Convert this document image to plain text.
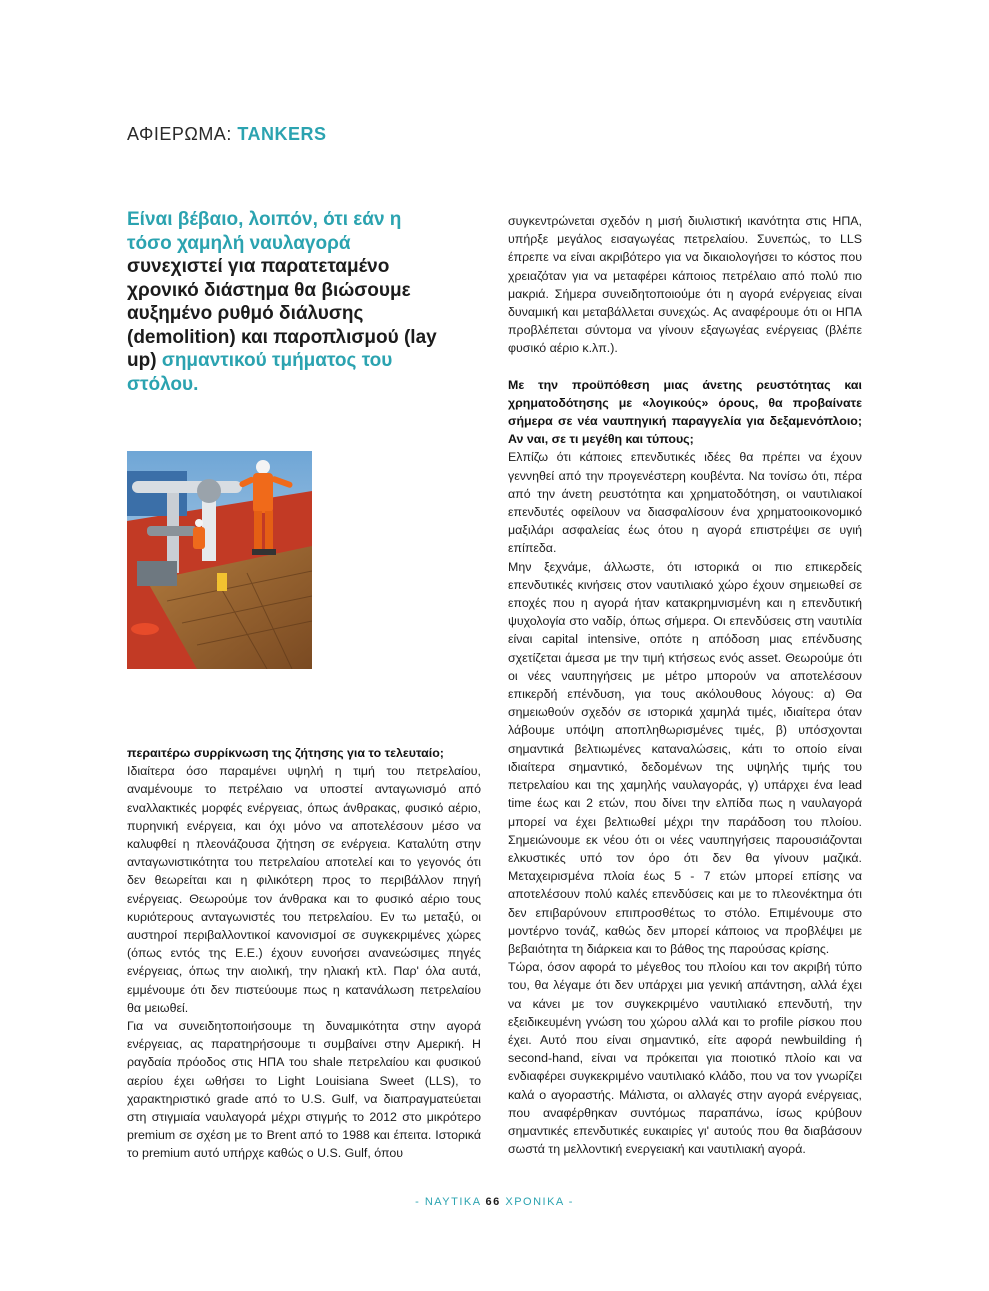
ΑΦΙΕΡΩΜΑ: TANKERS
Είναι βέβαιο, λοιπόν, ότι εάν η τόσο χαμηλή ναυλαγορά συνεχιστεί για παρατεταμένο χρονικό διάστημα θα βιώσουμε αυξημένο ρυθμό διάλυσης (demolition) και παροπλισμού (lay up) σημαντικού τμήματος του στόλου.

περαιτέρω συρρίκνωση της ζήτησης για το τελευταίο;

Ιδιαίτερα όσο παραμένει υψηλή η τιμή του πετρελαίου, αναμένουμε το πετρέλαιο να υποστεί ανταγωνισμό από εναλλακτικές μορφές ενέργειας, όπως άνθρακας, φυσικό αέριο, πυρηνική ενέργεια, και όχι μόνο να αποτελέσουν μέσο να καλυφθεί η πλεονάζουσα ζήτηση σε ενέργεια. Καταλύτη στην ανταγωνιστικότητα του πετρελαίου αποτελεί και το γεγονός ότι δεν θεωρείται και η φιλικότερη προς το περιβάλλον πηγή ενέργειας. Θεωρούμε τον άνθρακα και το φυσικό αέριο τους κυριότερους ανταγωνιστές του πετρελαίου. Εν τω μεταξύ, οι αυστηροί περιβαλλοντικοί κανονισμοί σε συγκεκριμένες χώρες (όπως εντός της Ε.Ε.) έχουν ευνοήσει ανανεώσιμες πηγές ενέργειας, όπως την αιολική, την ηλιακή κτλ. Παρ' όλα αυτά, εμμένουμε ότι δεν πιστεύουμε πως η κατανάλωση πετρελαίου θα μειωθεί.

Για να συνειδητοποιήσουμε τη δυναμικότητα στην αγορά ενέργειας, ας παρατηρήσουμε τι συμβαίνει στην Αμερική. Η ραγδαία πρόοδος στις ΗΠΑ του shale πετρελαίου και φυσικού αερίου έχει ωθήσει το Light Louisiana Sweet (LLS), το χαρακτηριστικό grade από το U.S. Gulf, να διαπραγματεύεται στη στιγμιαία ναυλαγορά μέχρι στιγμής το 2012 στο μικρότερο premium σε σχέση με το Brent από το 1988 και έπειτα. Ιστορικά το premium αυτό υπήρχε καθώς ο U.S. Gulf, όπου

συγκεντρώνεται σχεδόν η μισή διυλιστική ικανότητα στις ΗΠΑ, υπήρξε μεγάλος εισαγωγέας πετρελαίου. Συνεπώς, το LLS έπρεπε να είναι ακριβότερο για να δικαιολογήσει το κόστος που χρειαζόταν για να μεταφέρει κάποιος πετρέλαιο από πολύ πιο μακριά. Σήμερα συνειδητοποιούμε ότι η αγορά ενέργειας είναι δυναμική και μεταβάλλεται συνεχώς. Ας αναφέρουμε ότι οι ΗΠΑ προβλέπεται σύντομα να γίνουν εξαγωγέας ενέργειας (βλέπε φυσικό αέριο κ.λπ.).

Με την προϋπόθεση μιας άνετης ρευστότητας και χρηματοδότησης με «λογικούς» όρους, θα προβαίνατε σήμερα σε νέα ναυπηγική παραγγελία για δεξαμενόπλοιο; Αν ναι, σε τι μεγέθη και τύπους;

Ελπίζω ότι κάποιες επενδυτικές ιδέες θα πρέπει να έχουν γεννηθεί από την προγενέστερη κουβέντα. Να τονίσω ότι, πέρα από την άνετη ρευστότητα και χρηματοδότηση, οι ναυτιλιακοί επενδυτές οφείλουν να διασφαλίσουν ένα χρηματοοικονομικό μαξιλάρι ασφαλείας έως ότου η αγορά επιστρέψει σε υγιή επίπεδα.

Μην ξεχνάμε, άλλωστε, ότι ιστορικά οι πιο επικερδείς επενδυτικές κινήσεις στον ναυτιλιακό χώρο έχουν σημειωθεί σε εποχές που η αγορά ήταν κατακρημνισμένη και η επενδυτική ψυχολογία στο ναδίρ, όπως σήμερα. Οι επενδύσεις στη ναυτιλία είναι capital intensive, οπότε η απόδοση μιας επένδυσης σχετίζεται άμεσα με την τιμή κτήσεως ενός asset. Θεωρούμε ότι οι νέες ναυπηγήσεις με μέτρο μπορούν να αποτελέσουν επικερδή επένδυση, για τους ακόλουθους λόγους: α) Θα σημειωθούν σχεδόν σε ιστορικά χαμηλά τιμές, ιδιαίτερα όταν λάβουμε υπόψη αποπληθωρισμένες τιμές, β) υπόσχονται σημαντικά βελτιωμένες καταναλώσεις, κάτι το οποίο είναι ιδιαίτερα σημαντικό, δεδομένων της υψηλής τιμής του πετρελαίου και της χαμηλής ναυλαγοράς, γ) υπάρχει ένα lead time έως και 2 ετών, που δίνει την ελπίδα πως η ναυλαγορά μπορεί να έχει βελτιωθεί μέχρι την παράδοση του πλοίου. Σημειώνουμε εκ νέου ότι οι νέες ναυπηγήσεις παρουσιάζονται ελκυστικές υπό τον όρο ότι δεν θα γίνουν μαζικά. Μεταχειρισμένα πλοία έως 5 - 7 ετών μπορεί επίσης να αποτελέσουν πολύ καλές επενδύσεις και με το πλεονέκτημα ότι δεν επιβαρύνουν επιπροσθέτως το στόλο. Επιμένουμε στο μοντέρνο τονάζ, καθώς δεν μπορεί κάποιος να προβλέψει με βεβαιότητα τη διάρκεια και το βάθος της παρούσας κρίσης.

Τώρα, όσον αφορά το μέγεθος του πλοίου και τον ακριβή τύπο του, θα λέγαμε ότι δεν υπάρχει μια γενική απάντηση, αλλά έχει να κάνει με τον συγκεκριμένο ναυτιλιακό επενδυτή, την εξειδικευμένη γνώση του χώρου αλλά και το profile ρίσκου που έχει. Αυτό που είναι σημαντικό, είτε αφορά newbuilding ή second-hand, είναι να πρόκειται για ποιοτικό πλοίο και να ενδιαφέρει συγκεκριμένο ναυτιλιακό κλάδο, που να τον γνωρίζει καλά ο αγοραστής. Μάλιστα, οι αλλαγές στην αγορά ενέργειας, που αναφέρθηκαν συντόμως παραπάνω, ίσως κρύβουν σημαντικές επενδυτικές ευκαιρίες γι' αυτούς που θα διαβάσουν σωστά τη μελλοντική ενεργειακή και ναυτιλιακή αγορά.

- ΝΑΥΤΙΚΑ 66 ΧΡΟΝΙΚΑ -
